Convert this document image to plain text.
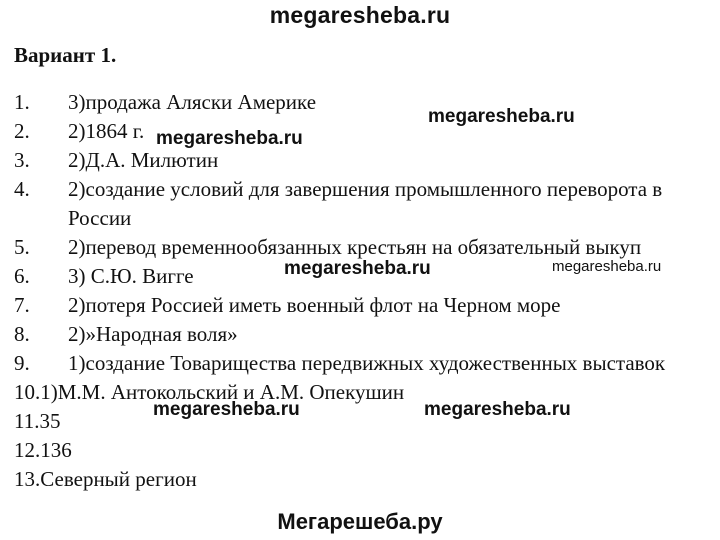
megaresheba.ru
Вариант 1.
1. 3)продажа Аляски Америке
2. 2)1864 г.
3. 2)Д.А. Милютин
4. 2)создание условий для завершения промышленного переворота в России
5. 2)перевод временнообязанных крестьян на обязательный выкуп
6. 3) С.Ю. Вигге
7. 2)потеря Россией иметь военный флот на Черном море
8. 2)»Народная воля»
9. 1)создание Товарищества передвижных художественных выставок
10.1)М.М. Антокольский и А.М. Опекушин
11.35
12.136
13.Северный регион
megaresheba.ru
megaresheba.ru
megaresheba.ru	megaresheba.ru
megaresheba.ru	megaresheba.ru
Мегарешеба.ру
